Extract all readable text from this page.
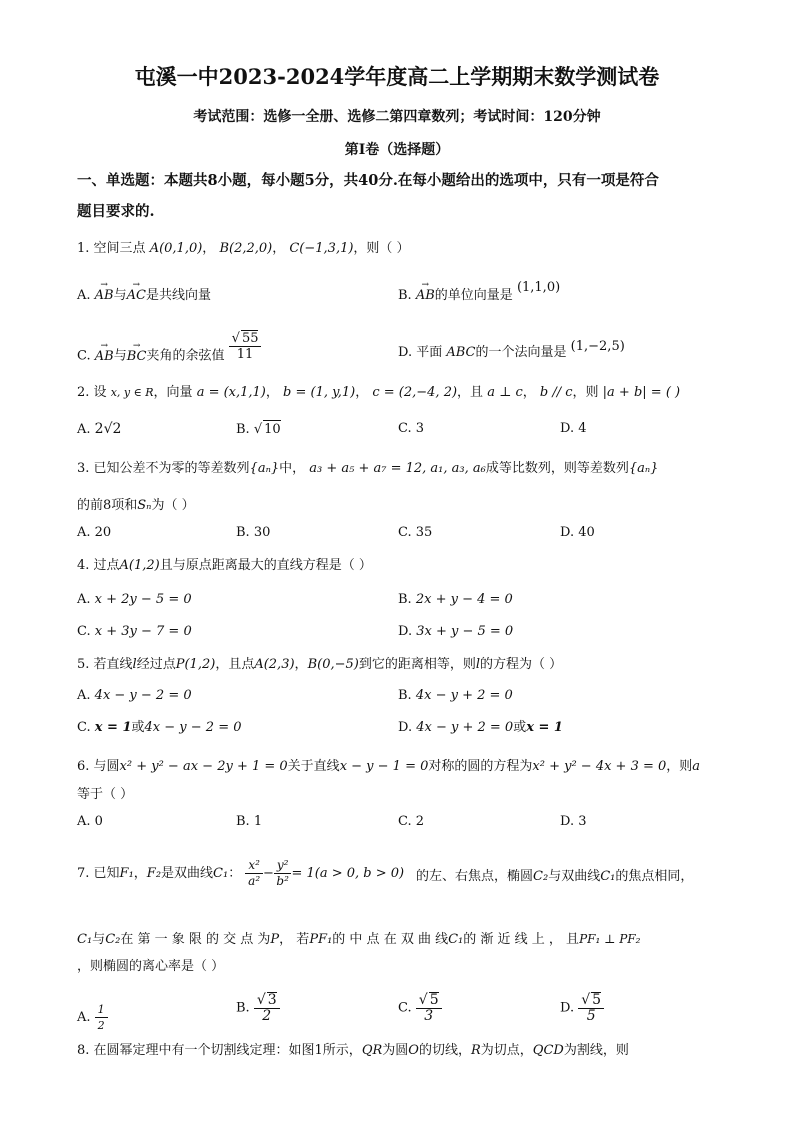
屯溪一中2023-2024学年度高二上学期期末数学测试卷
考试范围：选修一全册、选修二第四章数列；考试时间：120分钟
第I卷（选择题）
一、单选题：本题共8小题，每小题5分，共40分.在每小题给出的选项中，只有一项是符合
题目要求的.
1. 空间三点 A(0,1,0)， B(2,2,0)， C(−1,3,1)，则（ ）
A. → AB与→ AC是共线向量	B. → AB的单位向量是 (1,1,0)
C. → AB与→ BC夹角的余弦值 $\frac{√ 55}{11}$	D. 平面 ABC的一个法向量是 (1,−2,5)
2. 设 x, y ∈ R，向量 a = (x,1,1)， b = (1, y,1)， c = (2,−4, 2)，且 a ⊥ c， b // c，则 |a + b| = ( )
A. 2√2	B. √ 10	C. 3	D. 4
3. 已知公差不为零的等差数列{aₙ}中， a₃ + a₅ + a₇ = 12, a₁, a₃, a₆成等比数列，则等差数列{aₙ}
的前8项和Sₙ为（ ）
A. 20	B. 30	C. 35	D. 40
4. 过点A(1,2)且与原点距离最大的直线方程是（ ）
A. x + 2y − 5 = 0	B. 2x + y − 4 = 0
C. x + 3y − 7 = 0	D. 3x + y − 5 = 0
5. 若直线l经过点P(1,2)，且点A(2,3)，B(0,−5)到它的距离相等，则l的方程为（ ）
A. 4x − y − 2 = 0	B. 4x − y + 2 = 0
C. x = 1或4x − y − 2 = 0	D. 4x − y + 2 = 0或x = 1
6. 与圆x² + y² − ax − 2y + 1 = 0关于直线x − y − 1 = 0对称的圆的方程为x² + y² − 4x + 3 = 0，则a
等于（ ）
A. 0	B. 1	C. 2	D. 3
7. 已知F₁，F₂是双曲线C₁： $\frac{\text{x²}}{\text{a²}} - \frac{\text{y²}}{\text{b²}} = 1(a > 0$, b > 0) 的左、右焦点，椭圆C₂与双曲线C₁的焦点相同，
C₁与C₂在 第 一 象 限 的 交 点 为P， 若PF₁的 中 点 在 双 曲 线C₁的 渐 近 线 上 ， 且PF₁ ⊥ PF₂
，则椭圆的离心率是（ ）
A. $\frac{1}{2}$	B. $\frac{√ 3}{2}$	C. $\frac{√ 5}{3}$	D. $\frac{√ 5}{5}$
8. 在圆幂定理中有一个切割线定理：如图1所示，QR为圆O的切线，R为切点，QCD为割线，则
